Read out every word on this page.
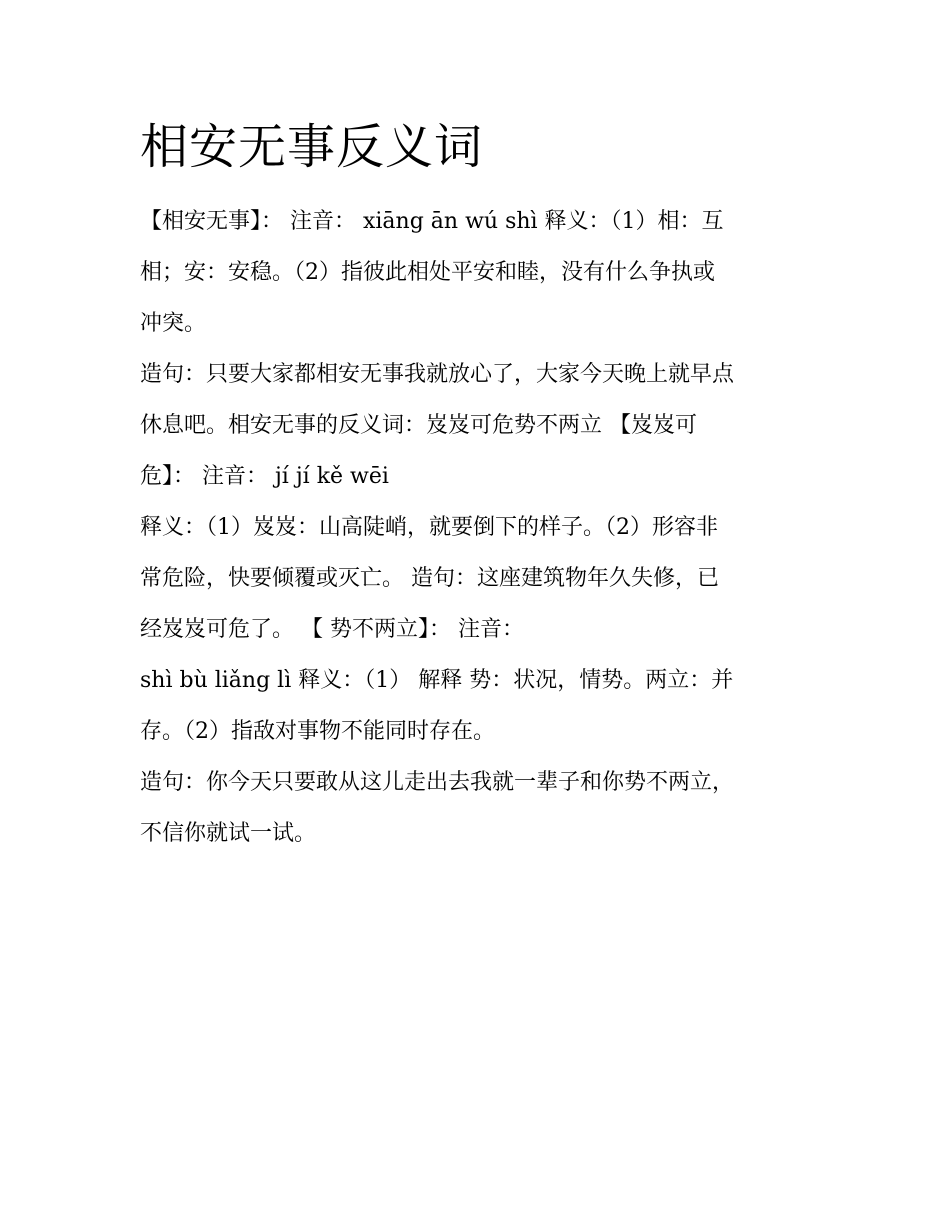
相安无事反义词
【相安无事】： 注音： xiāng ān wú shì 释义：（1）相：互
相；安：安稳。（2）指彼此相处平安和睦，没有什么争执或
冲突。
造句：只要大家都相安无事我就放心了，大家今天晚上就早点
休息吧。相安无事的反义词：岌岌可危势不两立 【岌岌可
危】： 注音： jí jí kě wēi
释义：（1）岌岌：山高陡峭，就要倒下的样子。（2）形容非
常危险，快要倾覆或灭亡。 造句：这座建筑物年久失修，已
经岌岌可危了。 【 势不两立】： 注音：
shì bù liǎng lì 释义：（1） 解释 势：状况，情势。两立：并
存。（2）指敌对事物不能同时存在。
造句：你今天只要敢从这儿走出去我就一辈子和你势不两立，
不信你就试一试。
